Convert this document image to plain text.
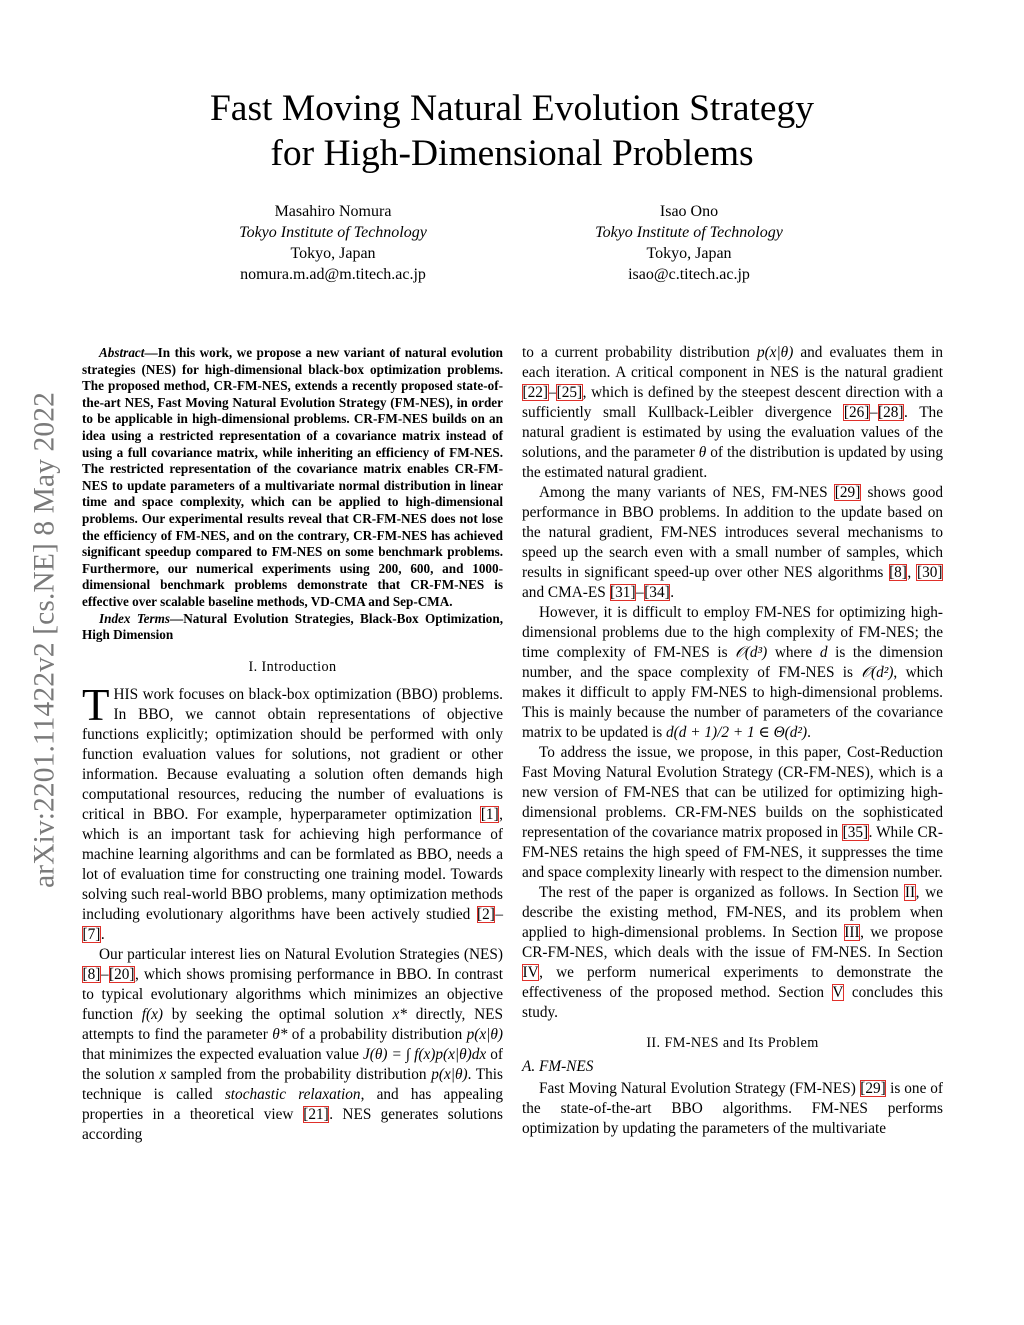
Fast Moving Natural Evolution Strategy
for High-Dimensional Problems
Masahiro Nomura
Tokyo Institute of Technology
Tokyo, Japan
nomura.m.ad@m.titech.ac.jp
Isao Ono
Tokyo Institute of Technology
Tokyo, Japan
isao@c.titech.ac.jp
arXiv:2201.11422v2 [cs.NE] 8 May 2022

Abstract—In this work, we propose a new variant of natural evolution strategies (NES) for high-dimensional black-box optimization problems. The proposed method, CR-FM-NES, extends a recently proposed state-of-the-art NES, Fast Moving Natural Evolution Strategy (FM-NES), in order to be applicable in high-dimensional problems. CR-FM-NES builds on an idea using a restricted representation of a covariance matrix instead of using a full covariance matrix, while inheriting an efficiency of FM-NES. The restricted representation of the covariance matrix enables CR-FM-NES to update parameters of a multivariate normal distribution in linear time and space complexity, which can be applied to high-dimensional problems. Our experimental results reveal that CR-FM-NES does not lose the efficiency of FM-NES, and on the contrary, CR-FM-NES has achieved significant speedup compared to FM-NES on some benchmark problems. Furthermore, our numerical experiments using 200, 600, and 1000-dimensional benchmark problems demonstrate that CR-FM-NES is effective over scalable baseline methods, VD-CMA and Sep-CMA.

Index Terms—Natural Evolution Strategies, Black-Box Optimization, High Dimension

I. Introduction

THIS work focuses on black-box optimization (BBO) problems. In BBO, we cannot obtain representations of objective functions explicitly; optimization should be performed with only function evaluation values for solutions, not gradient or other information. Because evaluating a solution often demands high computational resources, reducing the number of evaluations is critical in BBO. For example, hyperparameter optimization [1], which is an important task for achieving high performance of machine learning algorithms and can be formlated as BBO, needs a lot of evaluation time for constructing one training model. Towards solving such real-world BBO problems, many optimization methods including evolutionary algorithms have been actively studied [2]–[7].

Our particular interest lies on Natural Evolution Strategies (NES) [8]–[20], which shows promising performance in BBO. In contrast to typical evolutionary algorithms which minimizes an objective function f(x) by seeking the optimal solution x* directly, NES attempts to find the parameter θ* of a probability distribution p(x|θ) that minimizes the expected evaluation value J(θ) = ∫ f(x)p(x|θ)dx of the solution x sampled from the probability distribution p(x|θ). This technique is called stochastic relaxation, and has appealing properties in a theoretical view [21]. NES generates solutions according

to a current probability distribution p(x|θ) and evaluates them in each iteration. A critical component in NES is the natural gradient [22]–[25], which is defined by the steepest descent direction with a sufficiently small Kullback-Leibler divergence [26]–[28]. The natural gradient is estimated by using the evaluation values of the solutions, and the parameter θ of the distribution is updated by using the estimated natural gradient.

Among the many variants of NES, FM-NES [29] shows good performance in BBO problems. In addition to the update based on the natural gradient, FM-NES introduces several mechanisms to speed up the search even with a small number of samples, which results in significant speed-up over other NES algorithms [8], [30] and CMA-ES [31]–[34].

However, it is difficult to employ FM-NES for optimizing high-dimensional problems due to the high complexity of FM-NES; the time complexity of FM-NES is 𝒪(d³) where d is the dimension number, and the space complexity of FM-NES is 𝒪(d²), which makes it difficult to apply FM-NES to high-dimensional problems. This is mainly because the number of parameters of the covariance matrix to be updated is d(d + 1)/2 + 1 ∈ Θ(d²).

To address the issue, we propose, in this paper, Cost-Reduction Fast Moving Natural Evolution Strategy (CR-FM-NES), which is a new version of FM-NES that can be utilized for optimizing high-dimensional problems. CR-FM-NES builds on the sophisticated representation of the covariance matrix proposed in [35]. While CR-FM-NES retains the high speed of FM-NES, it suppresses the time and space complexity linearly with respect to the dimension number.

The rest of the paper is organized as follows. In Section II, we describe the existing method, FM-NES, and its problem when applied to high-dimensional problems. In Section III, we propose CR-FM-NES, which deals with the issue of FM-NES. In Section IV, we perform numerical experiments to demonstrate the effectiveness of the proposed method. Section V concludes this study.

II. FM-NES and Its Problem
A. FM-NES

Fast Moving Natural Evolution Strategy (FM-NES) [29] is one of the state-of-the-art BBO algorithms. FM-NES performs optimization by updating the parameters of the multivariate
